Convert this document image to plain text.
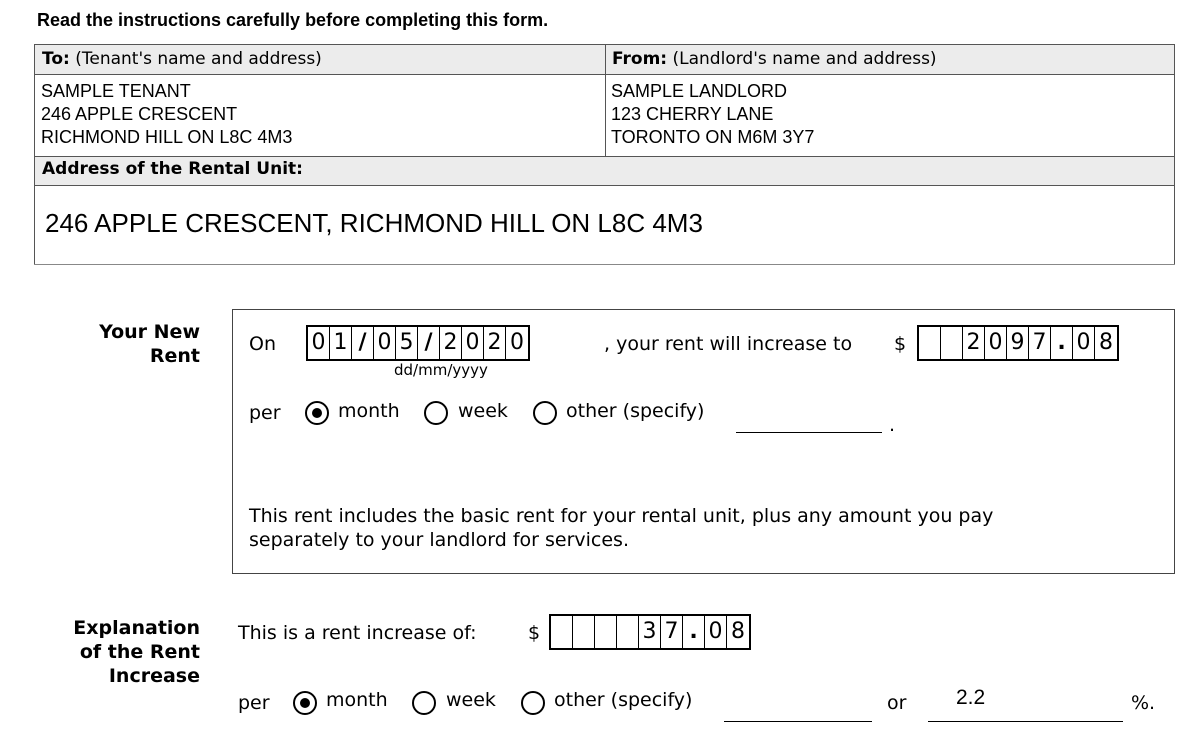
Read the instructions carefully before completing this form.
To: (Tenant's name and address)	From: (Landlord's name and address)
SAMPLE TENANT
246 APPLE CRESCENT
RICHMOND HILL ON L8C 4M3
SAMPLE LANDLORD
123 CHERRY LANE
TORONTO ON M6M 3Y7
Address of the Rental Unit:
246 APPLE CRESCENT, RICHMOND HILL ON L8C 4M3
Your New
Rent
On 0 1 / 0 5 / 2 0 2 0
dd/mm/yyyy
, your rent will increase to $	2 0 9 7 . 0 8
per	month	week	other (specify)
.
This rent includes the basic rent for your rental unit, plus any amount you pay
separately to your landlord for services.
Explanation
of the Rent
Increase
This is a rent increase of:	$	3 7 . 0 8
per	month	week	other (specify)	or 2.2	%.
